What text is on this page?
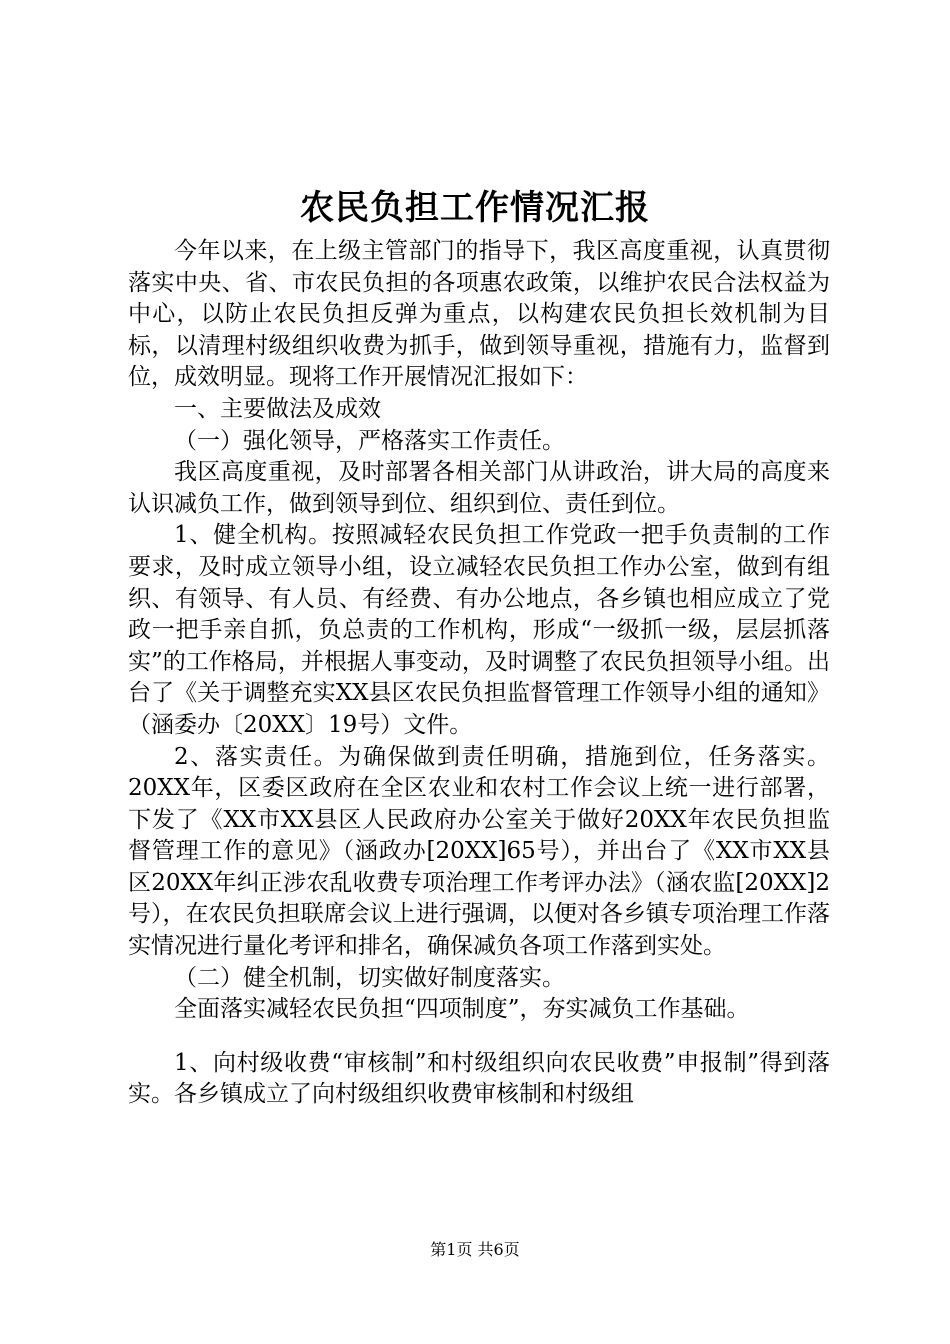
农民负担工作情况汇报

今年以来，在上级主管部门的指导下，我区高度重视，认真贯彻落实中央、省、市农民负担的各项惠农政策，以维护农民合法权益为中心，以防止农民负担反弹为重点，以构建农民负担长效机制为目标，以清理村级组织收费为抓手，做到领导重视，措施有力，监督到位，成效明显。现将工作开展情况汇报如下：

一、主要做法及成效

（一）强化领导，严格落实工作责任。

我区高度重视，及时部署各相关部门从讲政治，讲大局的高度来认识减负工作，做到领导到位、组织到位、责任到位。

1、健全机构。按照减轻农民负担工作党政一把手负责制的工作要求，及时成立领导小组，设立减轻农民负担工作办公室，做到有组织、有领导、有人员、有经费、有办公地点，各乡镇也相应成立了党政一把手亲自抓，负总责的工作机构，形成“一级抓一级，层层抓落实”的工作格局，并根据人事变动，及时调整了农民负担领导小组。出台了《关于调整充实XX县区农民负担监督管理工作领导小组的通知》（涵委办〔20XX〕19号）文件。

2、落实责任。为确保做到责任明确，措施到位，任务落实。20XX年，区委区政府在全区农业和农村工作会议上统一进行部署，下发了《XX市XX县区人民政府办公室关于做好20XX年农民负担监督管理工作的意见》（涵政办[20XX]65号），并出台了《XX市XX县区20XX年纠正涉农乱收费专项治理工作考评办法》（涵农监[20XX]2号），在农民负担联席会议上进行强调，以便对各乡镇专项治理工作落实情况进行量化考评和排名，确保减负各项工作落到实处。

（二）健全机制，切实做好制度落实。

全面落实减轻农民负担“四项制度”，夯实减负工作基础。

1、向村级收费“审核制”和村级组织向农民收费”申报制”得到落实。各乡镇成立了向村级组织收费审核制和村级组

第1页 共6页
